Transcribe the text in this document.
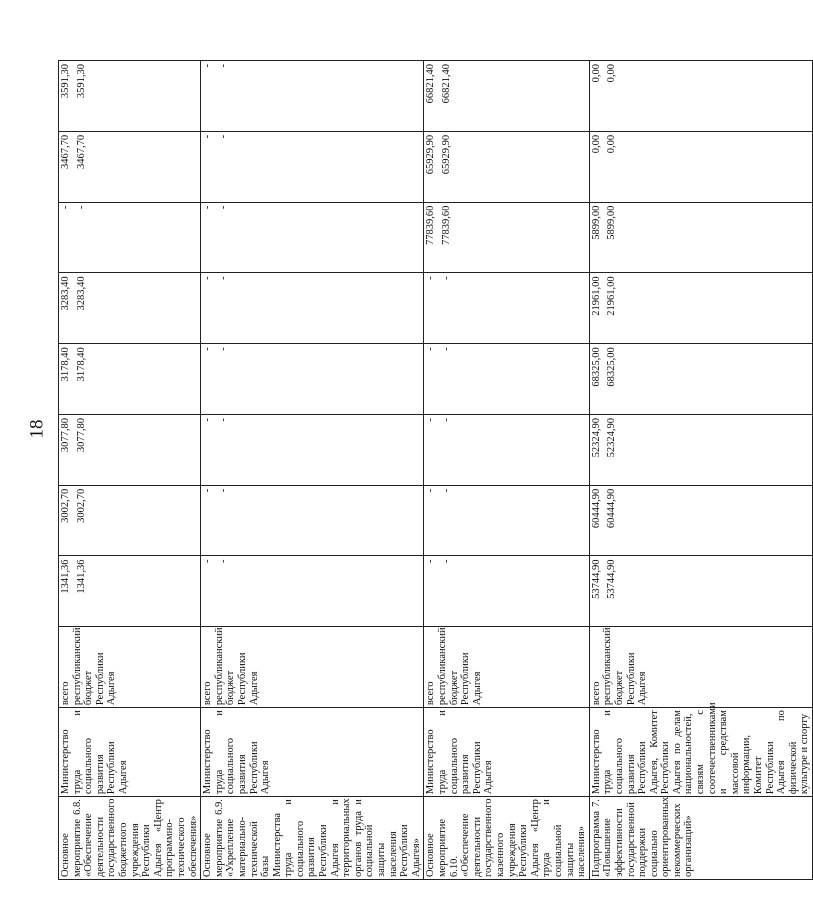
18
Основное мероприятие 6.8. «Обеспечение деятельности государственного бюджетного учреждения Республики Адыгея «Центр программно-технического обеспечения»	Министерство труда и социального развития Республики Адыгея	всего республиканский бюджет Республики Адыгея	1341,36 1341,36	3002,70 3002,70	3077,80 3077,80	3178,40 3178,40	3283,40 3283,40	- -	3467,70 3467,70	3591,30 3591,30

Основное мероприятие 6.9. «Укрепление материально-технической базы Министерства труда и социального развития Республики Адыгея и территориальных органов труда и социальной защиты населения Республики Адыгея»	Министерство труда и социального развития Республики Адыгея	всего республиканский бюджет Республики Адыгея	- -	- -	- -	- -	- -	- -	- -	- -

Основное мероприятие 6.10. «Обеспечение деятельности государственного казенного учреждения Республики Адыгея «Центр труда и социальной защиты населения»	Министерство труда и социального развития Республики Адыгея	всего республиканский бюджет Республики Адыгея	- -	- -	- -	- -	- -	77839,60 77839,60	65929,90 65929,90	66821,40 66821,40

Подпрограмма 7. «Повышение эффективности государственной поддержки социально ориентированных некоммерческих организаций»	Министерство труда и социального развития Республики Адыгея, Комитет Республики Адыгея по делам национальностей, связям с соотечественниками и средствам массовой информации, Комитет Республики Адыгея по физической культуре и спорту	всего республиканский бюджет Республики Адыгея	53744,90 53744,90	60444,90 60444,90	52324,90 52324,90	68325,00 68325,00	21961,00 21961,00	5899,00 5899,00	0,00 0,00	0,00 0,00
